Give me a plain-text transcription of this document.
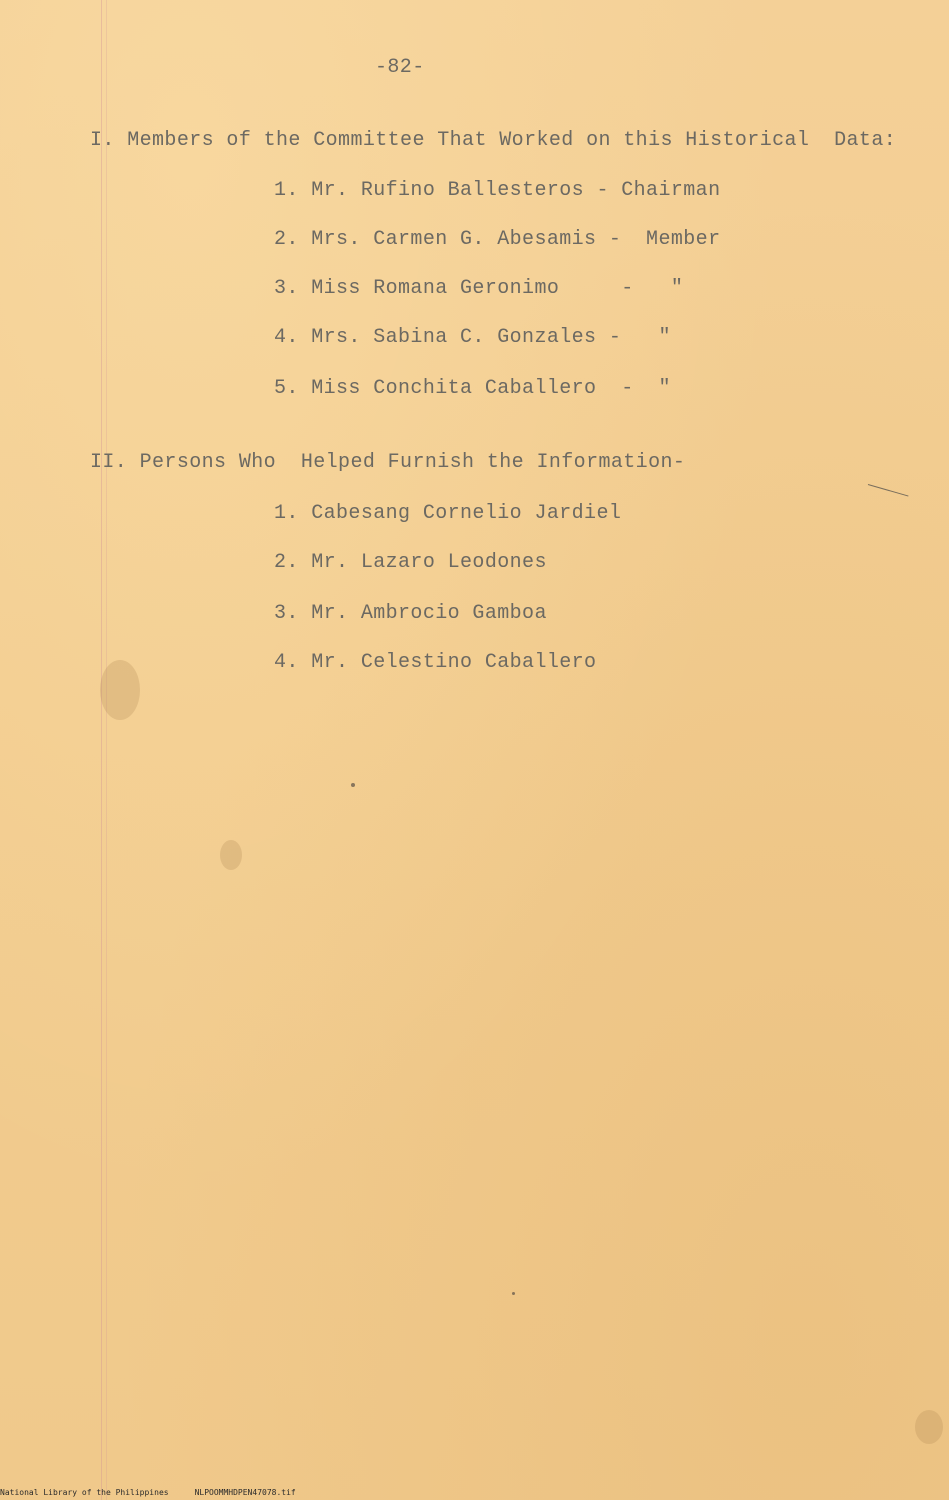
-82-
I. Members of the Committee That Worked on this Historical  Data:
1. Mr. Rufino Ballesteros - Chairman
2. Mrs. Carmen G. Abesamis -  Member
3. Miss Romana Geronimo     -   "
4. Mrs. Sabina C. Gonzales -   "
5. Miss Conchita Caballero  -  "
II. Persons Who  Helped Furnish the Information-
1. Cabesang Cornelio Jardiel
2. Mr. Lazaro Leodones
3. Mr. Ambrocio Gamboa
4. Mr. Celestino Caballero
National Library of the Philippines	NLPOOMMHDPEN47078.tif
